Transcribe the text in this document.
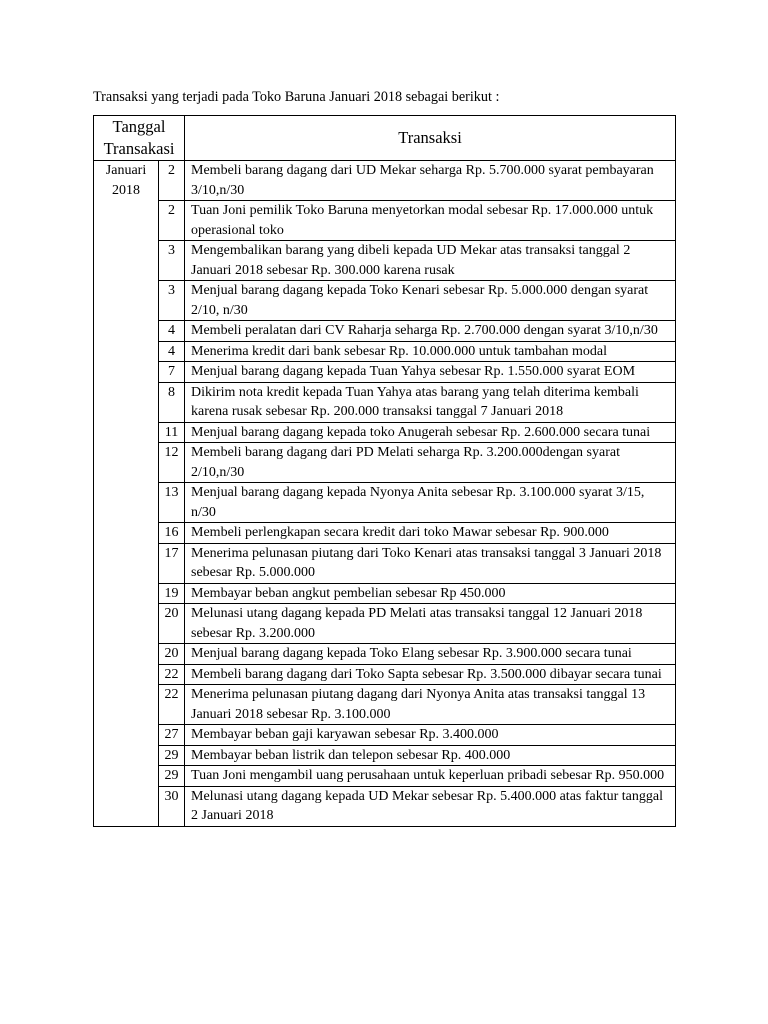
Transaksi yang terjadi pada Toko Baruna Januari 2018 sebagai berikut :
Tanggal
Transakasi		Transaksi

Januari
2018	2	Membeli barang dagang dari UD Mekar seharga Rp. 5.700.000 syarat pembayaran 3/10,n/30
	2	Tuan Joni pemilik Toko Baruna menyetorkan modal sebesar Rp. 17.000.000 untuk operasional toko
	3	Mengembalikan barang yang dibeli kepada UD Mekar atas transaksi tanggal 2 Januari 2018 sebesar Rp. 300.000 karena rusak
	3	Menjual barang dagang kepada Toko Kenari sebesar Rp. 5.000.000 dengan syarat 2/10, n/30
	4	Membeli peralatan dari CV Raharja seharga Rp. 2.700.000 dengan syarat 3/10,n/30
	4	Menerima kredit dari bank sebesar Rp. 10.000.000 untuk tambahan modal
	7	Menjual barang dagang kepada Tuan Yahya sebesar Rp. 1.550.000 syarat EOM
	8	Dikirim nota kredit kepada Tuan Yahya atas barang yang telah diterima kembali karena rusak sebesar Rp. 200.000 transaksi tanggal 7 Januari 2018
	11	Menjual barang dagang kepada toko Anugerah sebesar Rp. 2.600.000 secara tunai
	12	Membeli barang dagang dari PD Melati seharga Rp. 3.200.000dengan syarat 2/10,n/30
	13	Menjual barang dagang kepada Nyonya Anita sebesar Rp. 3.100.000 syarat 3/15, n/30
	16	Membeli perlengkapan secara kredit dari toko Mawar sebesar Rp. 900.000
	17	Menerima pelunasan piutang dari Toko Kenari atas transaksi tanggal 3 Januari 2018 sebesar Rp. 5.000.000
	19	Membayar beban angkut pembelian sebesar Rp 450.000
	20	Melunasi utang dagang kepada PD Melati atas transaksi tanggal 12 Januari 2018 sebesar Rp. 3.200.000
	20	Menjual barang dagang kepada Toko Elang sebesar Rp. 3.900.000 secara tunai
	22	Membeli barang dagang dari Toko Sapta sebesar Rp. 3.500.000 dibayar secara tunai
	22	Menerima pelunasan piutang dagang dari Nyonya Anita atas transaksi tanggal 13 Januari 2018 sebesar Rp. 3.100.000
	27	Membayar beban gaji karyawan sebesar Rp. 3.400.000
	29	Membayar beban listrik dan telepon sebesar Rp. 400.000
	29	Tuan Joni mengambil uang perusahaan untuk keperluan pribadi sebesar Rp. 950.000
	30	Melunasi utang dagang kepada UD Mekar sebesar Rp. 5.400.000 atas faktur tanggal 2 Januari 2018
